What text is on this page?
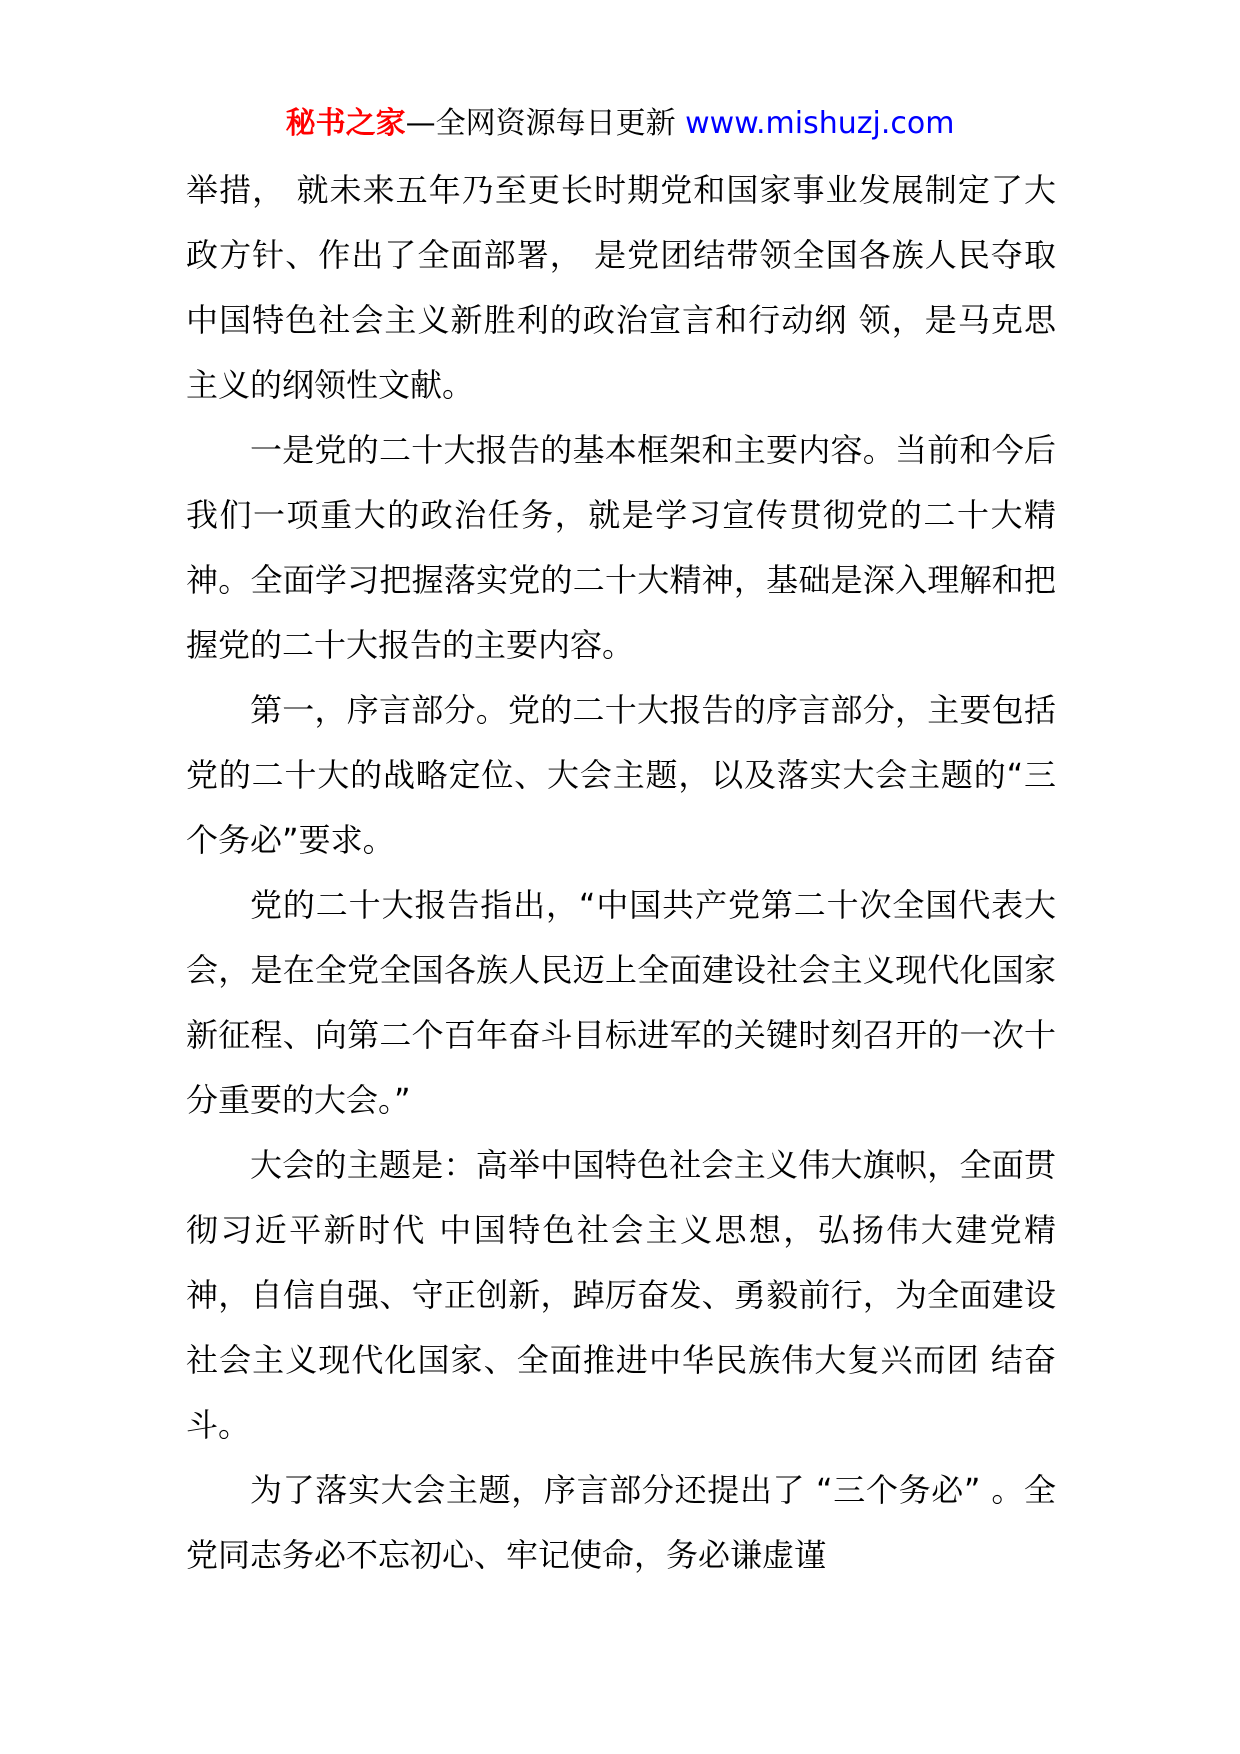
秘书之家—全网资源每日更新 www.mishuzj.com

举措， 就未来五年乃至更长时期党和国家事业发展制定了大政方针、作出了全面部署， 是党团结带领全国各族人民夺取中国特色社会主义新胜利的政治宣言和行动纲 领，是马克思主义的纲领性文献。

一是党的二十大报告的基本框架和主要内容。当前和今后我们一项重大的政治任务，就是学习宣传贯彻党的二十大精神。全面学习把握落实党的二十大精神，基础是深入理解和把握党的二十大报告的主要内容。

第一，序言部分。党的二十大报告的序言部分，主要包括党的二十大的战略定位、大会主题，以及落实大会主题的“三个务必”要求。

党的二十大报告指出，“中国共产党第二十次全国代表大会，是在全党全国各族人民迈上全面建设社会主义现代化国家新征程、向第二个百年奋斗目标进军的关键时刻召开的一次十分重要的大会。”

大会的主题是：高举中国特色社会主义伟大旗帜，全面贯彻习近平新时代 中国特色社会主义思想，弘扬伟大建党精神，自信自强、守正创新，踔厉奋发、勇毅前行，为全面建设社会主义现代化国家、全面推进中华民族伟大复兴而团 结奋斗。

为了落实大会主题，序言部分还提出了 “三个务必” 。全党同志务必不忘初心、牢记使命，务必谦虚谨
